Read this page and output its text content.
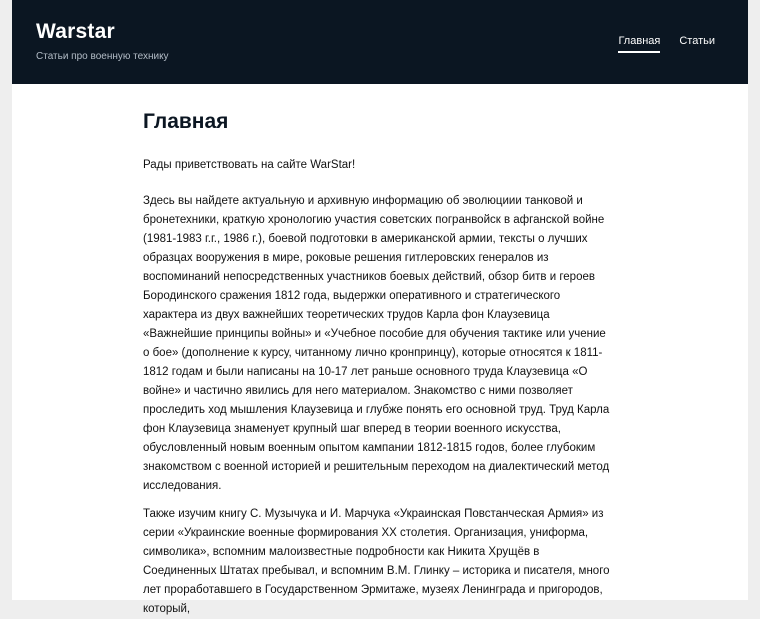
Warstar

Статьи про военную технику

Главная Статьи
Главная

Рады приветствовать на сайте WarStar!

Здесь вы найдете актуальную и архивную информацию об эволюциии танковой и бронетехники, краткую хронологию участия советских погранвойск в афганской войне (1981-1983 г.г., 1986 г.), боевой подготовки в американской армии, тексты о лучших образцах вооружения в мире, роковые решения гитлеровских генералов из воспоминаний непосредственных участников боевых действий, обзор битв и героев Бородинского сражения 1812 года, выдержки оперативного и стратегического характера из двух важнейших теоретических трудов Карла фон Клаузевица «Важнейшие принципы войны» и «Учебное пособие для обучения тактике или учение о бое» (дополнение к курсу, читанному лично кронпринцу), которые относятся к 1811-1812 годам и были написаны на 10-17 лет раньше основного труда Клаузевица «О войне» и частично явились для него материалом. Знакомство с ними позволяет проследить ход мышления Клаузевица и глубже понять его основной труд. Труд Карла фон Клаузевица знаменует крупный шаг вперед в теории военного искусства, обусловленный новым военным опытом кампании 1812-1815 годов, более глубоким знакомством с военной историей и решительным переходом на диалектический метод исследования.

Также изучим книгу С. Музычука и И. Марчука «Украинская Повстанческая Армия» из серии «Украинские военные формирования XX столетия. Организация, униформа, символика», вспомним малоизвестные подробности как Никита Хрущёв в Соединенных Штатах пребывал, и вспомним В.М. Глинку – историка и писателя, много лет проработавшего в Государственном Эрмитаже, музеях Ленинграда и пригородов, который,
